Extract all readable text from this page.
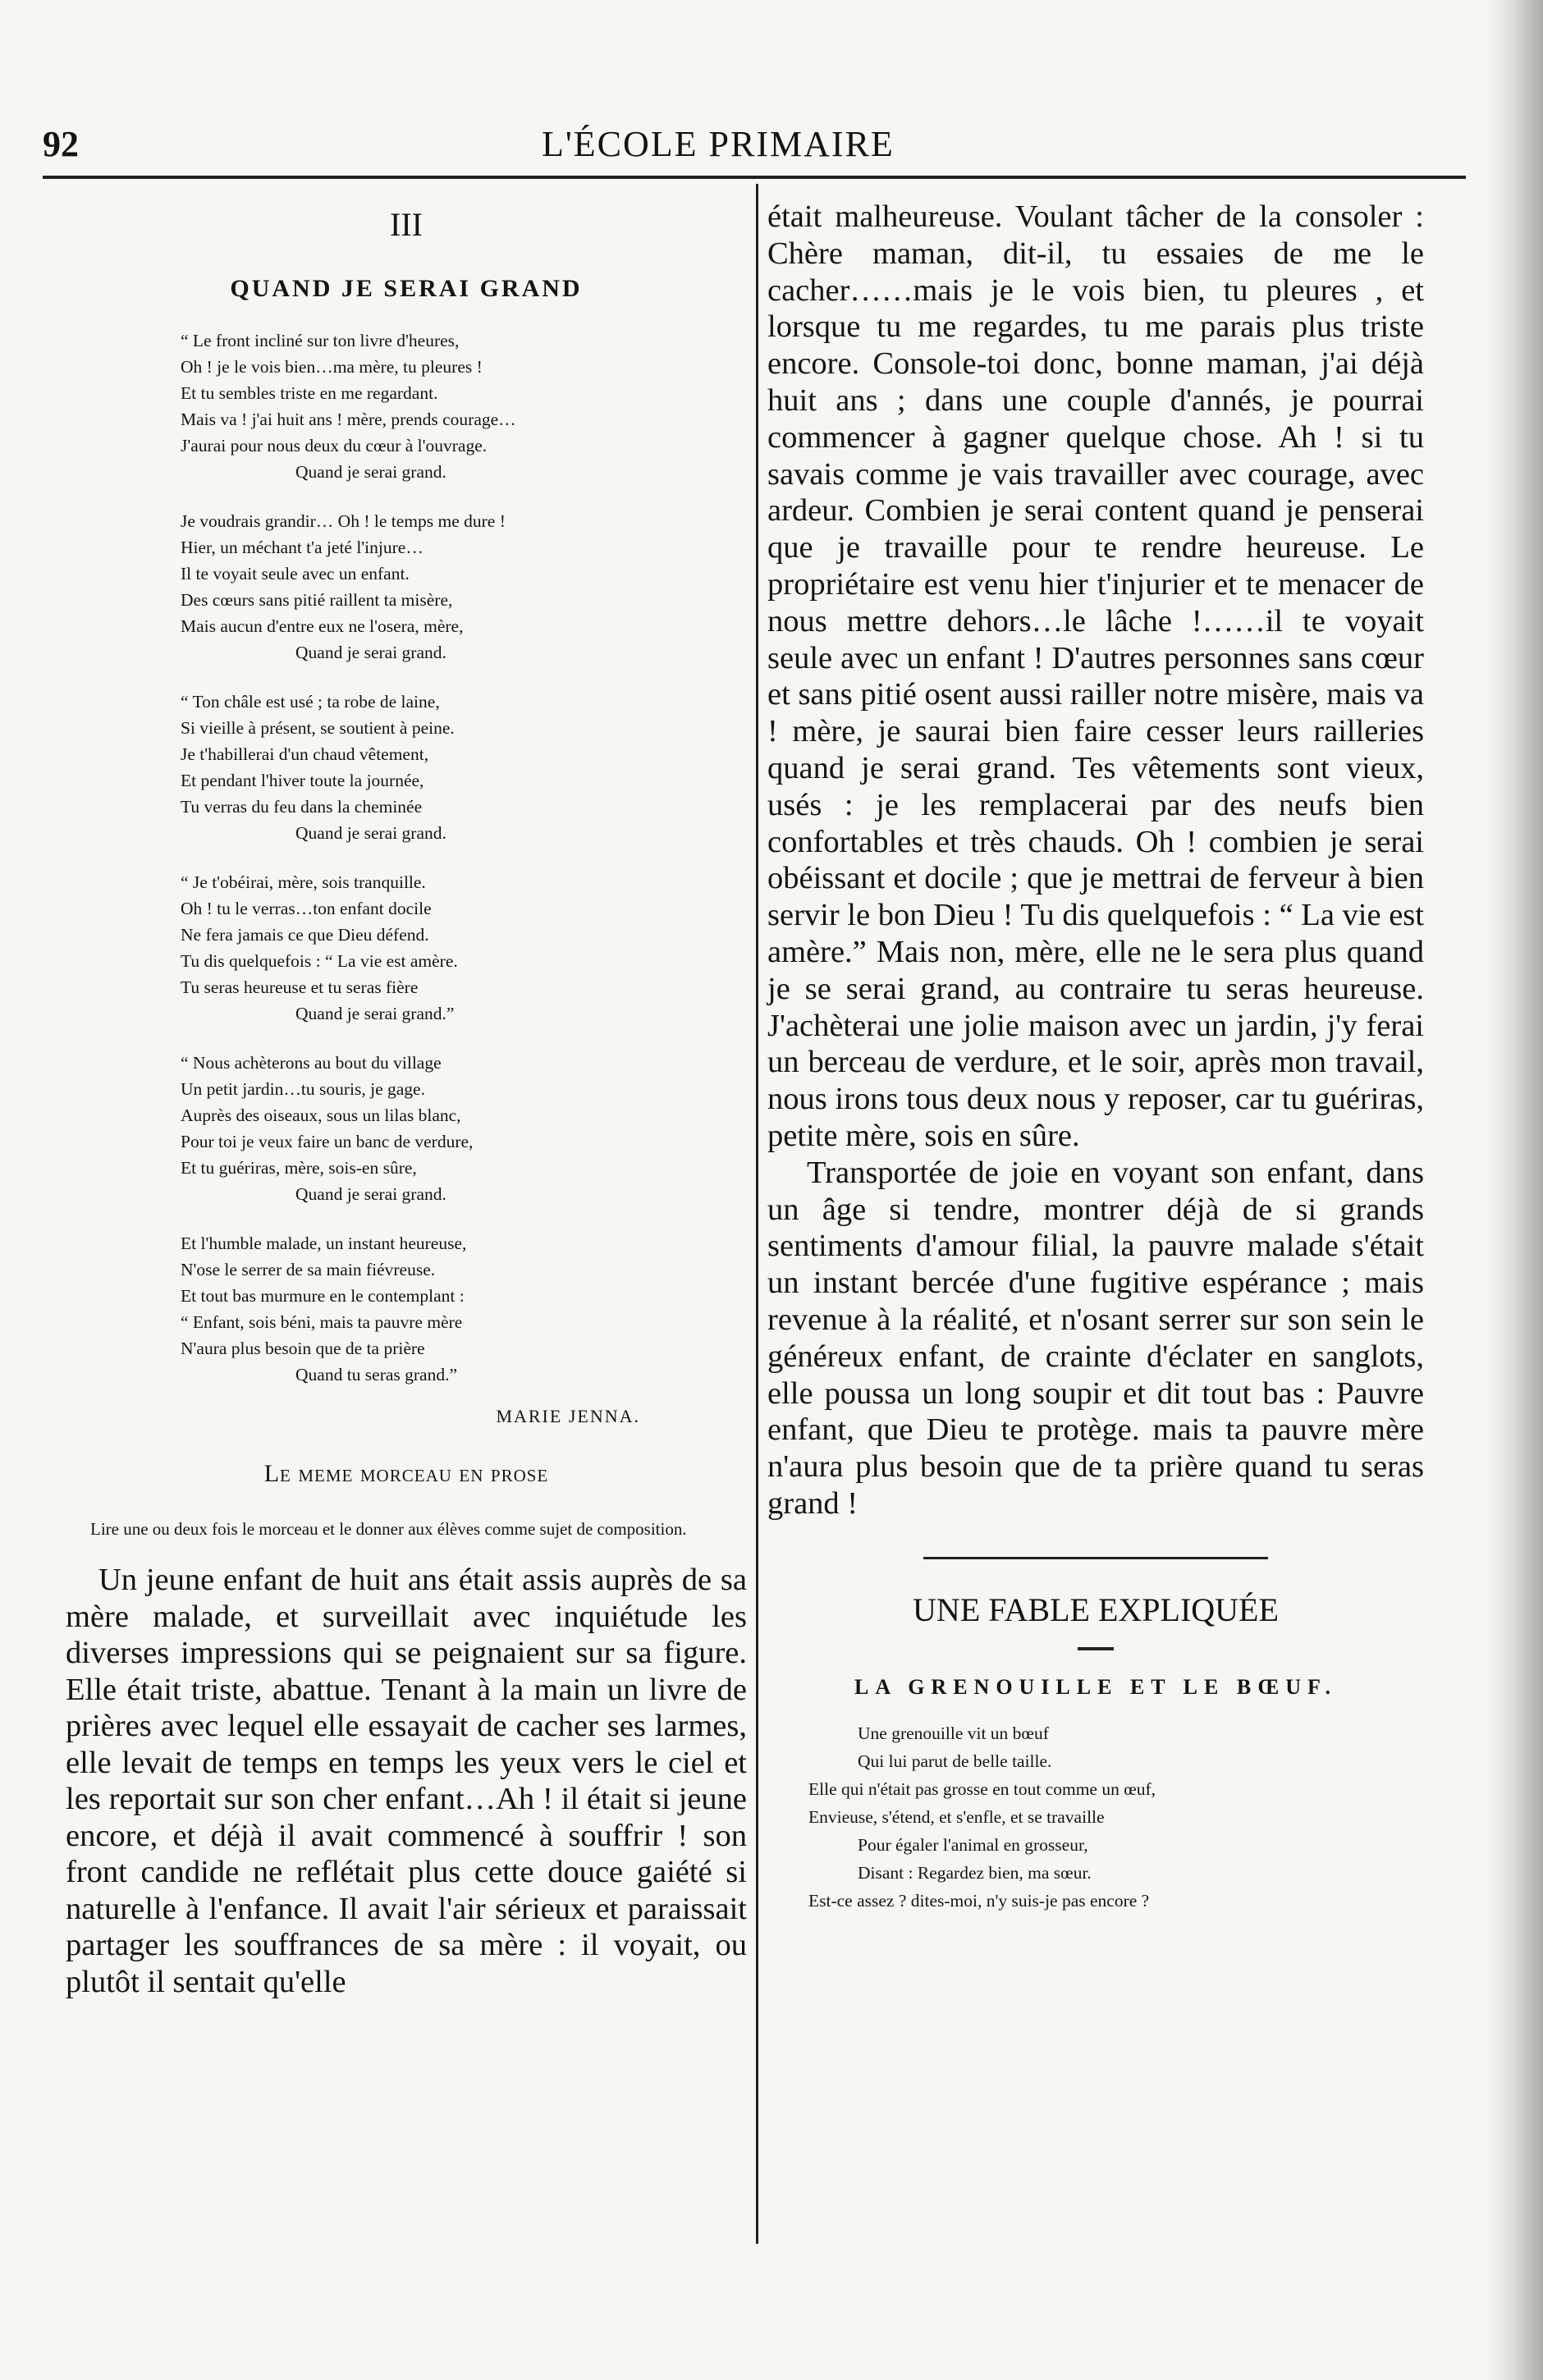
92	L'ÉCOLE PRIMAIRE
III
QUAND JE SERAI GRAND
“ Le front incliné sur ton livre d'heures,
Oh ! je le vois bien…ma mère, tu pleures !
Et tu sembles triste en me regardant.
Mais va ! j'ai huit ans ! mère, prends courage…
J'aurai pour nous deux du cœur à l'ouvrage.
Quand je serai grand.
Je voudrais grandir… Oh ! le temps me dure !
Hier, un méchant t'a jeté l'injure…
Il te voyait seule avec un enfant.
Des cœurs sans pitié raillent ta misère,
Mais aucun d'entre eux ne l'osera, mère,
Quand je serai grand.
“ Ton châle est usé ; ta robe de laine,
Si vieille à présent, se soutient à peine.
Je t'habillerai d'un chaud vêtement,
Et pendant l'hiver toute la journée,
Tu verras du feu dans la cheminée
Quand je serai grand.
“ Je t'obéirai, mère, sois tranquille.
Oh ! tu le verras…ton enfant docile
Ne fera jamais ce que Dieu défend.
Tu dis quelquefois : “ La vie est amère.
Tu seras heureuse et tu seras fière
Quand je serai grand.”
“ Nous achèterons au bout du village
Un petit jardin…tu souris, je gage.
Auprès des oiseaux, sous un lilas blanc,
Pour toi je veux faire un banc de verdure,
Et tu guériras, mère, sois-en sûre,
Quand je serai grand.
Et l'humble malade, un instant heureuse,
N'ose le serrer de sa main fiévreuse.
Et tout bas murmure en le contemplant :
“ Enfant, sois béni, mais ta pauvre mère
N'aura plus besoin que de ta prière
Quand tu seras grand.”
MARIE JENNA.
Le meme morceau en prose

Lire une ou deux fois le morceau et le donner aux élèves comme sujet de composition.

Un jeune enfant de huit ans était assis auprès de sa mère malade, et surveillait avec inquiétude les diverses impressions qui se peignaient sur sa figure. Elle était triste, abattue. Tenant à la main un livre de prières avec lequel elle essayait de cacher ses larmes, elle levait de temps en temps les yeux vers le ciel et les reportait sur son cher enfant…Ah ! il était si jeune encore, et déjà il avait commencé à souffrir ! son front candide ne reflétait plus cette douce gaiété si naturelle à l'enfance. Il avait l'air sérieux et paraissait partager les souffrances de sa mère : il voyait, ou plutôt il sentait qu'elle

était malheureuse. Voulant tâcher de la consoler : Chère maman, dit-il, tu essaies de me le cacher……mais je le vois bien, tu pleures , et lorsque tu me regardes, tu me parais plus triste encore. Console-toi donc, bonne maman, j'ai déjà huit ans ; dans une couple d'annés, je pourrai commencer à gagner quelque chose. Ah ! si tu savais comme je vais travailler avec courage, avec ardeur. Combien je serai content quand je penserai que je travaille pour te rendre heureuse. Le propriétaire est venu hier t'injurier et te menacer de nous mettre dehors…le lâche !……il te voyait seule avec un enfant ! D'autres personnes sans cœur et sans pitié osent aussi railler notre misère, mais va ! mère, je saurai bien faire cesser leurs railleries quand je serai grand. Tes vêtements sont vieux, usés : je les remplacerai par des neufs bien confortables et très chauds. Oh ! combien je serai obéissant et docile ; que je mettrai de ferveur à bien servir le bon Dieu ! Tu dis quelquefois : “ La vie est amère.” Mais non, mère, elle ne le sera plus quand je se serai grand, au contraire tu seras heureuse. J'achèterai une jolie maison avec un jardin, j'y ferai un berceau de verdure, et le soir, après mon travail, nous irons tous deux nous y reposer, car tu guériras, petite mère, sois en sûre.

Transportée de joie en voyant son enfant, dans un âge si tendre, montrer déjà de si grands sentiments d'amour filial, la pauvre malade s'était un instant bercée d'une fugitive espérance ; mais revenue à la réalité, et n'osant serrer sur son sein le généreux enfant, de crainte d'éclater en sanglots, elle poussa un long soupir et dit tout bas : Pauvre enfant, que Dieu te protège. mais ta pauvre mère n'aura plus besoin que de ta prière quand tu seras grand !

UNE FABLE EXPLIQUÉE
LA GRENOUILLE ET LE BŒUF.
Une grenouille vit un bœuf
Qui lui parut de belle taille.
Elle qui n'était pas grosse en tout comme un œuf,
Envieuse, s'étend, et s'enfle, et se travaille
Pour égaler l'animal en grosseur,
Disant : Regardez bien, ma sœur.
Est-ce assez ? dites-moi, n'y suis-je pas encore ?
